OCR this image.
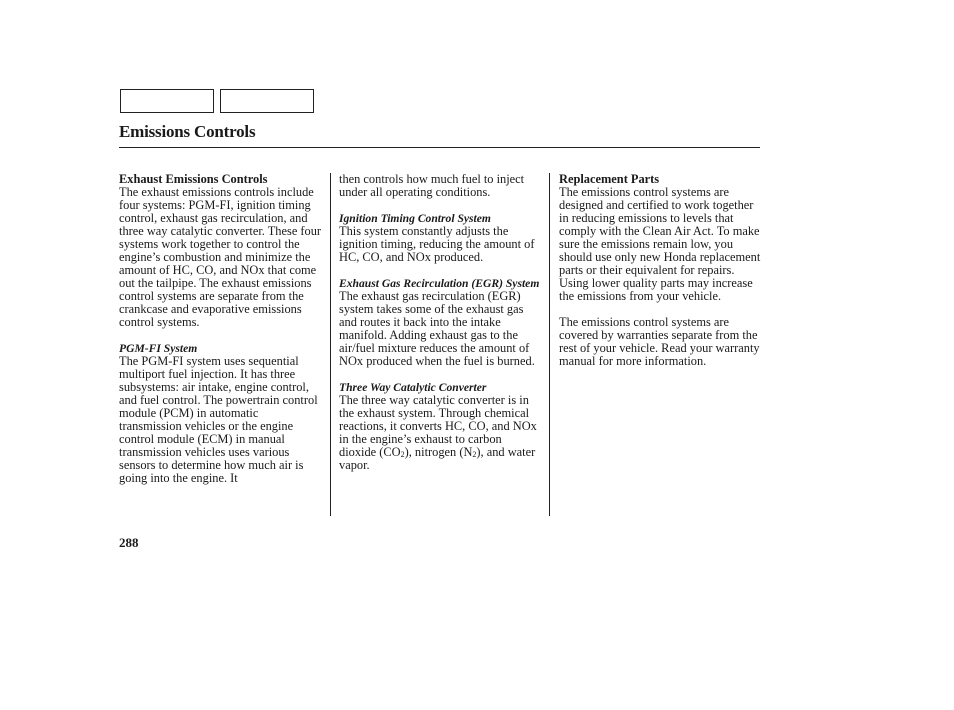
Emissions Controls

Exhaust Emissions Controls

The exhaust emissions controls include four systems: PGM-FI, ignition timing control, exhaust gas recirculation, and three way catalytic converter. These four systems work together to control the engine’s combustion and minimize the amount of HC, CO, and NOx that come out the tailpipe. The exhaust emissions control systems are separate from the crankcase and evaporative emissions control systems.

PGM-FI System

The PGM-FI system uses sequential multiport fuel injection. It has three subsystems: air intake, engine control, and fuel control. The powertrain control module (PCM) in automatic transmission vehicles or the engine control module (ECM) in manual transmission vehicles uses various sensors to determine how much air is going into the engine. It

then controls how much fuel to inject under all operating conditions.

Ignition Timing Control System

This system constantly adjusts the ignition timing, reducing the amount of HC, CO, and NOx produced.

Exhaust Gas Recirculation (EGR) System

The exhaust gas recirculation (EGR) system takes some of the exhaust gas and routes it back into the intake manifold. Adding exhaust gas to the air/fuel mixture reduces the amount of NOx produced when the fuel is burned.

Three Way Catalytic Converter

The three way catalytic converter is in the exhaust system. Through chemical reactions, it converts HC, CO, and NOx in the engine’s exhaust to carbon dioxide $(CO_2)$, nitrogen $(N_2)$, and water vapor.

Replacement Parts

The emissions control systems are designed and certified to work together in reducing emissions to levels that comply with the Clean Air Act. To make sure the emissions remain low, you should use only new Honda replacement parts or their equivalent for repairs. Using lower quality parts may increase the emissions from your vehicle.

The emissions control systems are covered by warranties separate from the rest of your vehicle. Read your warranty manual for more information.

288
